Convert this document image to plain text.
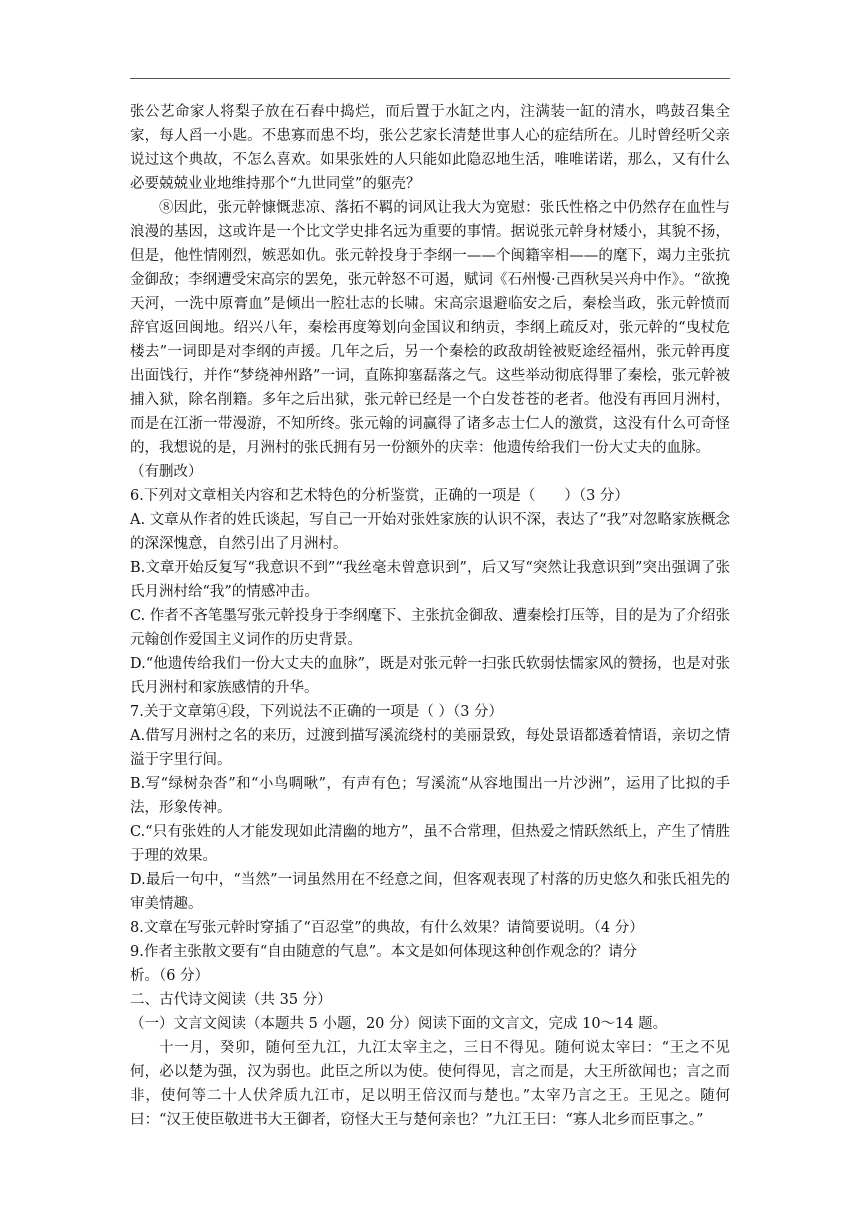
张公艺命家人将梨子放在石舂中捣烂，而后置于水缸之内，注满装一缸的清水，鸣鼓召集全家，每人舀一小匙。不患寡而患不均，张公艺家长清楚世事人心的症结所在。儿时曾经听父亲说过这个典故，不怎么喜欢。如果张姓的人只能如此隐忍地生活，唯唯诺诺，那么，又有什么必要兢兢业业地维持那个“九世同堂”的躯壳？

⑧因此，张元幹慷慨悲凉、落拓不羁的词风让我大为宽慰：张氏性格之中仍然存在血性与浪漫的基因，这或许是一个比文学史排名远为重要的事情。据说张元幹身材矮小，其貌不扬，但是，他性情刚烈，嫉恶如仇。张元幹投身于李纲一——个闽籍宰相——的麾下，竭力主张抗金御敌；李纲遭受宋高宗的罢免，张元幹怒不可遏，赋词《石州慢·己酉秋吴兴舟中作》。“欲挽天河，一洗中原膏血”是倾出一腔壮志的长啸。宋高宗退避临安之后，秦桧当政，张元幹愤而辞官返回闽地。绍兴八年，秦桧再度筹划向金国议和纳贡，李纲上疏反对，张元幹的“曳杖危楼去”一词即是对李纲的声援。几年之后，另一个秦桧的政敌胡铨被贬途经福州，张元幹再度出面饯行，并作“梦绕神州路”一词，直陈抑塞磊落之气。这些举动彻底得罪了秦桧，张元幹被捕入狱，除名削籍。多年之后出狱，张元幹已经是一个白发苍苍的老者。他没有再回月洲村，而是在江浙一带漫游，不知所终。张元翰的词赢得了诸多志士仁人的激赏，这没有什么可奇怪的，我想说的是，月洲村的张氏拥有另一份额外的庆幸：他遗传给我们一份大丈夫的血脉。

（有删改）

6.下列对文章相关内容和艺术特色的分析鉴赏，正确的一项是（　　）（3 分）

A. 文章从作者的姓氏谈起，写自己一开始对张姓家族的认识不深，表达了“我”对忽略家族概念的深深愧意，自然引出了月洲村。

B.文章开始反复写“我意识不到”“我丝毫未曾意识到”，后又写“突然让我意识到”突出强调了张氏月洲村给“我”的情感冲击。

C. 作者不吝笔墨写张元幹投身于李纲麾下、主张抗金御敌、遭秦桧打压等，目的是为了介绍张元翰创作爱国主义词作的历史背景。

D.“他遗传给我们一份大丈夫的血脉”，既是对张元幹一扫张氏软弱怯懦家风的赞扬，也是对张氏月洲村和家族感情的升华。

7.关于文章第④段，下列说法不正确的一项是（ ）（3 分）

A.借写月洲村之名的来历，过渡到描写溪流绕村的美丽景致，每处景语都透着情语，亲切之情溢于字里行间。

B.写“绿树杂沓”和“小鸟啁啾”，有声有色；写溪流“从容地围出一片沙洲”，运用了比拟的手法，形象传神。

C.“只有张姓的人才能发现如此清幽的地方”，虽不合常理，但热爱之情跃然纸上，产生了情胜于理的效果。

D.最后一句中，“当然”一词虽然用在不经意之间，但客观表现了村落的历史悠久和张氏祖先的审美情趣。

8.文章在写张元幹时穿插了“百忍堂”的典故，有什么效果？请简要说明。（4 分）

9.作者主张散文要有“自由随意的气息”。本文是如何体现这种创作观念的？请分

析。（6 分）

二、古代诗文阅读（共 35 分）

（一）文言文阅读（本题共 5 小题，20 分）阅读下面的文言文，完成 10～14 题。

十一月，癸卯，随何至九江，九江太宰主之，三日不得见。随何说太宰曰：“王之不见何，必以楚为强，汉为弱也。此臣之所以为使。使何得见，言之而是，大王所欲闻也；言之而非，使何等二十人伏斧质九江市，足以明王倍汉而与楚也。”太宰乃言之王。王见之。随何曰：“汉王使臣敬进书大王御者，窃怪大王与楚何亲也？”九江王曰：“寡人北乡而臣事之。”
